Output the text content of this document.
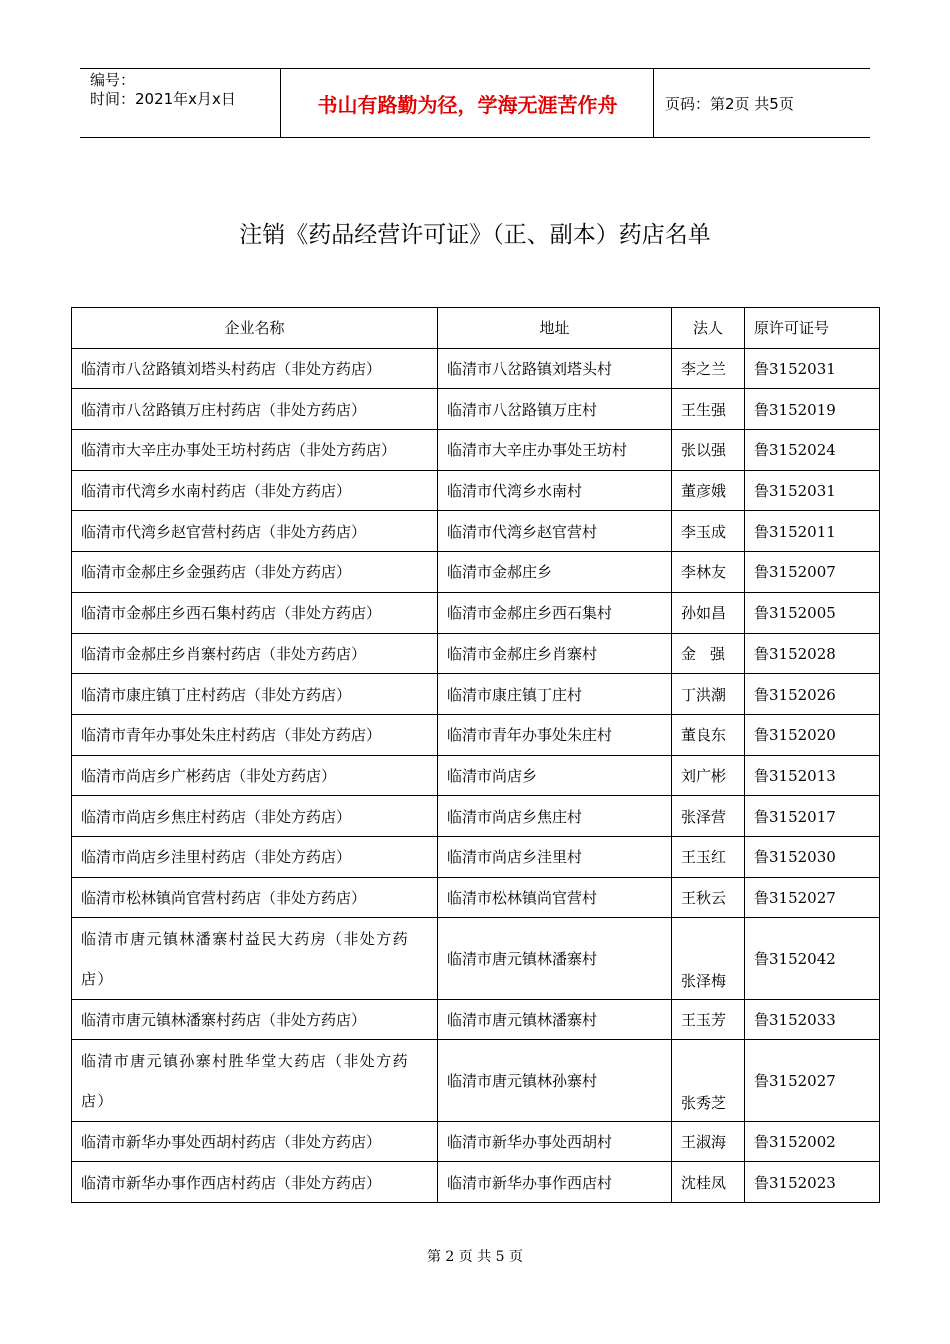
编号：
时间：2021年x月x日	书山有路勤为径，学海无涯苦作舟	页码：第2页 共5页
注销《药品经营许可证》（正、副本）药店名单
企业名称	地址	法人	原许可证号
临清市八岔路镇刘塔头村药店（非处方药店）	临清市八岔路镇刘塔头村	李之兰	鲁3152031
临清市八岔路镇万庄村药店（非处方药店）	临清市八岔路镇万庄村	王生强	鲁3152019
临清市大辛庄办事处王坊村药店（非处方药店）	临清市大辛庄办事处王坊村	张以强	鲁3152024
临清市代湾乡水南村药店（非处方药店）	临清市代湾乡水南村	董彦娥	鲁3152031
临清市代湾乡赵官营村药店（非处方药店）	临清市代湾乡赵官营村	李玉成	鲁3152011
临清市金郝庄乡金强药店（非处方药店）	临清市金郝庄乡	李林友	鲁3152007
临清市金郝庄乡西石集村药店（非处方药店）	临清市金郝庄乡西石集村	孙如昌	鲁3152005
临清市金郝庄乡肖寨村药店（非处方药店）	临清市金郝庄乡肖寨村	金强	鲁3152028
临清市康庄镇丁庄村药店（非处方药店）	临清市康庄镇丁庄村	丁洪潮	鲁3152026
临清市青年办事处朱庄村药店（非处方药店）	临清市青年办事处朱庄村	董良东	鲁3152020
临清市尚店乡广彬药店（非处方药店）	临清市尚店乡	刘广彬	鲁3152013
临清市尚店乡焦庄村药店（非处方药店）	临清市尚店乡焦庄村	张泽营	鲁3152017
临清市尚店乡洼里村药店（非处方药店）	临清市尚店乡洼里村	王玉红	鲁3152030
临清市松林镇尚官营村药店（非处方药店）	临清市松林镇尚官营村	王秋云	鲁3152027
临清市唐元镇林潘寨村益民大药房（非处方药店）	临清市唐元镇林潘寨村	张泽梅	鲁3152042
临清市唐元镇林潘寨村药店（非处方药店）	临清市唐元镇林潘寨村	王玉芳	鲁3152033
临清市唐元镇孙寨村胜华堂大药店（非处方药店）	临清市唐元镇林孙寨村	张秀芝	鲁3152027
临清市新华办事处西胡村药店（非处方药店）	临清市新华办事处西胡村	王淑海	鲁3152002
临清市新华办事作西店村药店（非处方药店）	临清市新华办事作西店村	沈桂凤	鲁3152023
第 2 页 共 5 页
